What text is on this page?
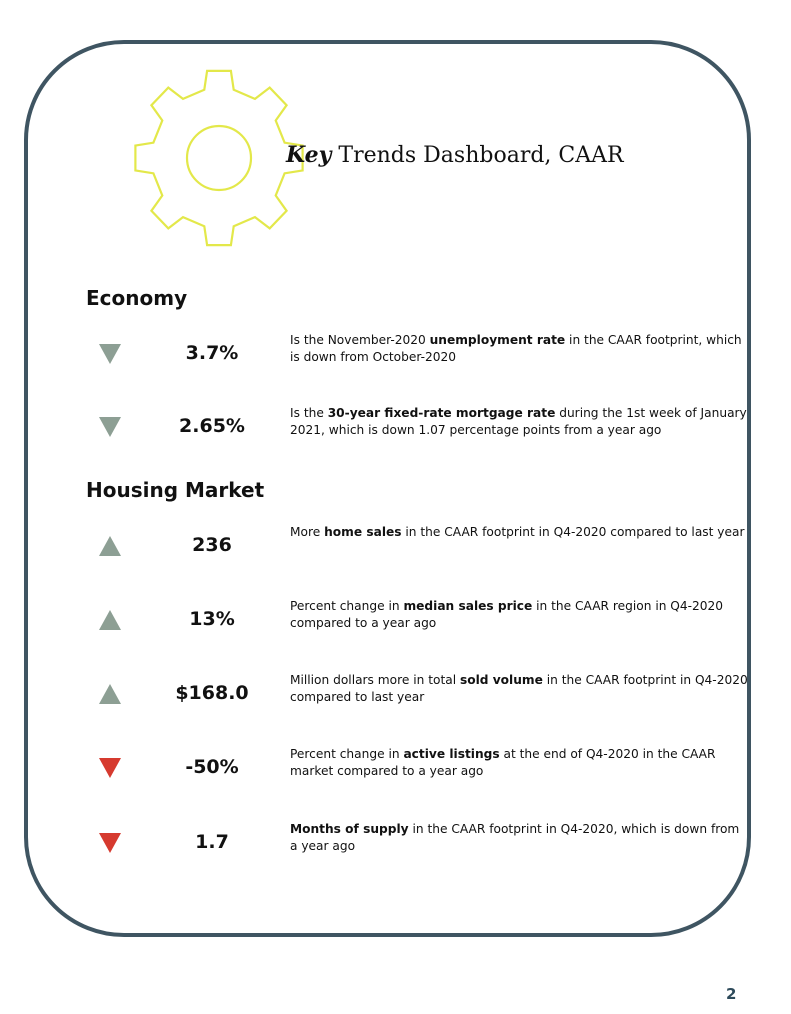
Key Trends Dashboard, CAAR
Economy
3.7%
Is the November-2020 unemployment rate in the CAAR footprint, which is down from October-2020
2.65%
Is the 30-year fixed-rate mortgage rate during the 1st week of January 2021, which is down 1.07 percentage points from a year ago
Housing Market
236
More home sales in the CAAR footprint in Q4-2020 compared to last year
13%
Percent change in median sales price in the CAAR region in Q4-2020 compared to a year ago
$168.0
Million dollars more in total sold volume in the CAAR footprint in Q4-2020 compared to last year
-50%
Percent change in active listings at the end of Q4-2020 in the CAAR market compared to a year ago
1.7
Months of supply in the CAAR footprint in Q4-2020, which is down from a year ago
2
